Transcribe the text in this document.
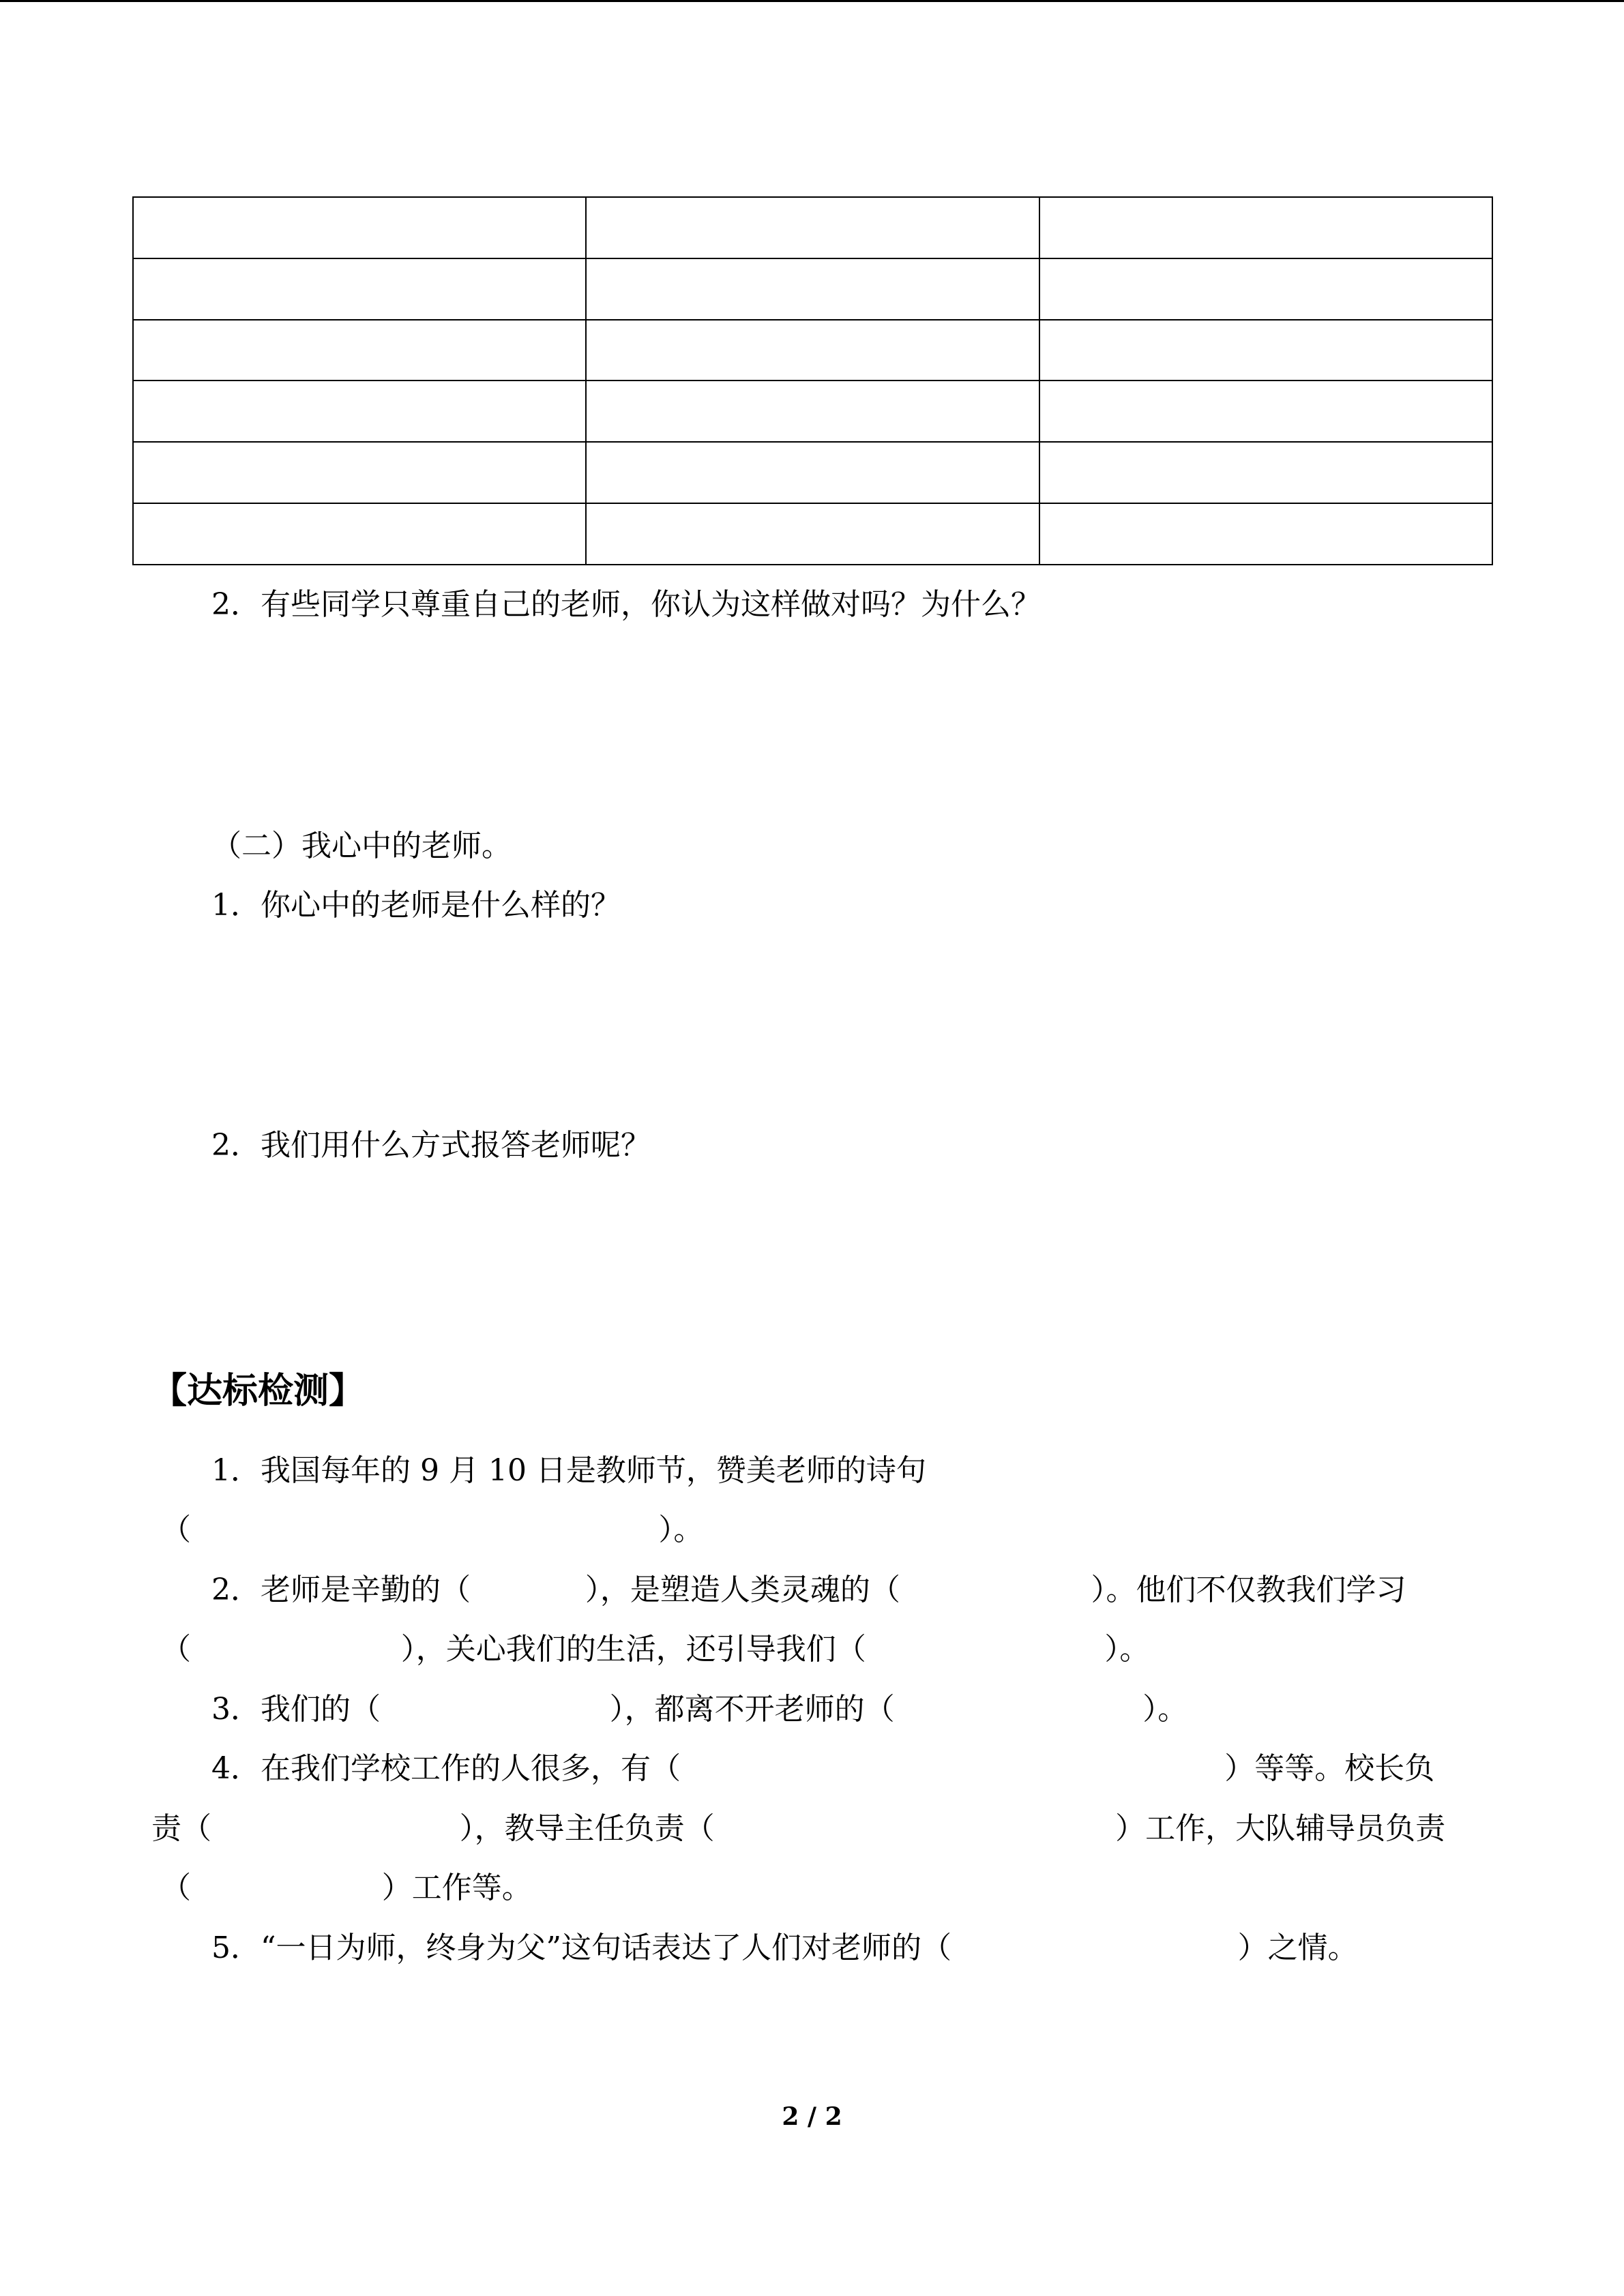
2．有些同学只尊重自己的老师，你认为这样做对吗？为什么？
（二）我心中的老师。
1．你心中的老师是什么样的？
2．我们用什么方式报答老师呢？
【达标检测】
1．我国每年的 9 月 10 日是教师节，赞美老师的诗句
（                                                 ）。
2．老师是辛勤的（            ），是塑造人类灵魂的（                    ）。他们不仅教我们学习
（                      ），关心我们的生活，还引导我们（                         ）。
3．我们的（                        ），都离不开老师的（                          ）。
4．在我们学校工作的人很多，有（                                                         ）等等。校长负
责（                          ），教导主任负责（                                          ）工作，大队辅导员负责
（                    ）工作等。
5．“一日为师，终身为父”这句话表达了人们对老师的（                              ）之情。
2 / 2
